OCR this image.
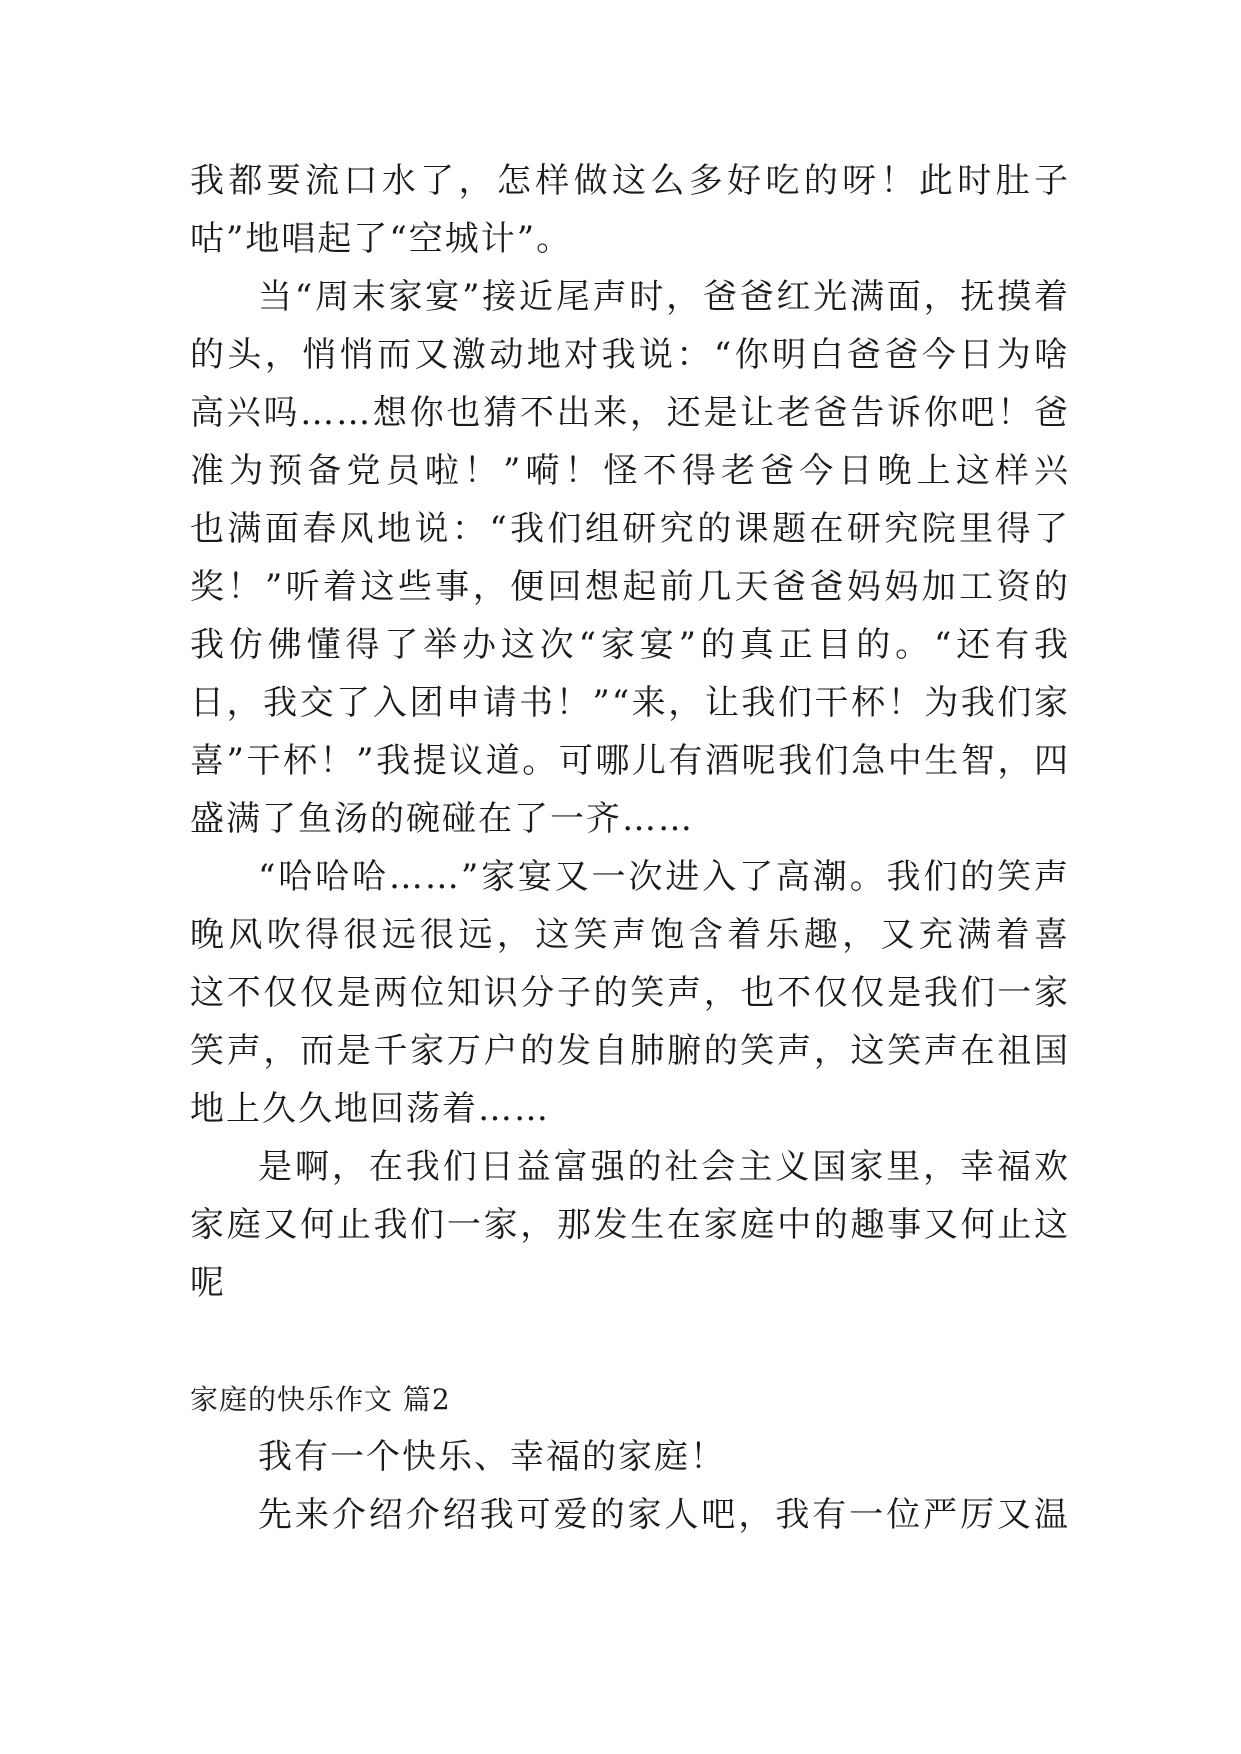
我都要流口水了，怎样做这么多好吃的呀！此时肚子
咕”地唱起了“空城计”。
当“周末家宴”接近尾声时，爸爸红光满面，抚摸着
的头，悄悄而又激动地对我说：“你明白爸爸今日为啥
高兴吗……想你也猜不出来，还是让老爸告诉你吧！爸
准为预备党员啦！”嗬！怪不得老爸今日晚上这样兴
也满面春风地说：“我们组研究的课题在研究院里得了
奖！”听着这些事，便回想起前几天爸爸妈妈加工资的
我仿佛懂得了举办这次“家宴”的真正目的。“还有我
日，我交了入团申请书！”“来，让我们干杯！为我们家
喜”干杯！”我提议道。可哪儿有酒呢我们急中生智，四
盛满了鱼汤的碗碰在了一齐……
“哈哈哈……”家宴又一次进入了高潮。我们的笑声
晚风吹得很远很远，这笑声饱含着乐趣，又充满着喜
这不仅仅是两位知识分子的笑声，也不仅仅是我们一家
笑声，而是千家万户的发自肺腑的笑声，这笑声在祖国
地上久久地回荡着……
是啊，在我们日益富强的社会主义国家里，幸福欢
家庭又何止我们一家，那发生在家庭中的趣事又何止这
呢
家庭的快乐作文 篇2
我有一个快乐、幸福的家庭！
先来介绍介绍我可爱的家人吧，我有一位严厉又温
